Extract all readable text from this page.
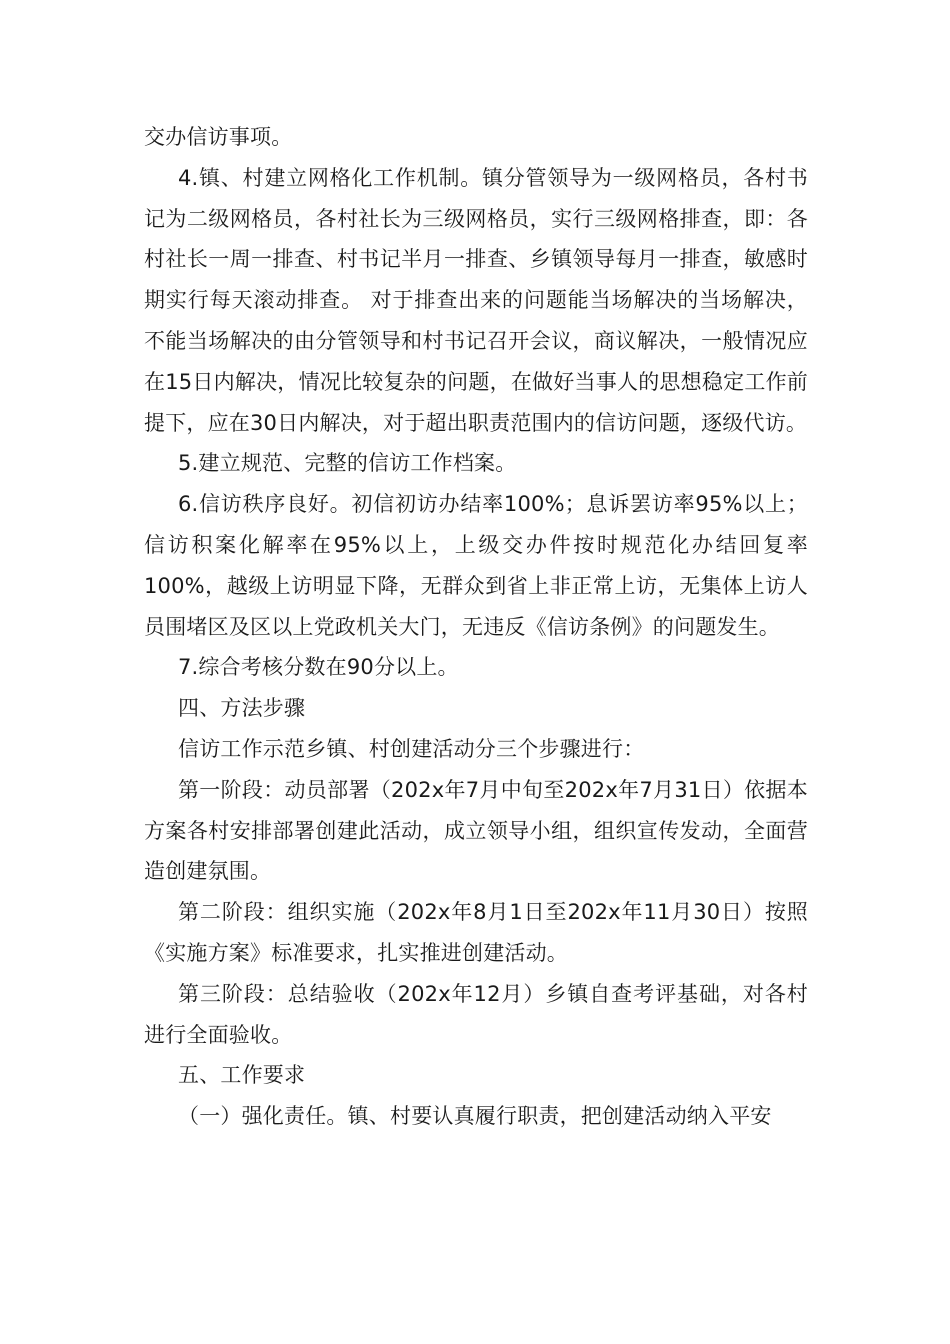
交办信访事项。

4.镇、村建立网格化工作机制。镇分管领导为一级网格员，各村书记为二级网格员，各村社长为三级网格员，实行三级网格排查，即：各村社长一周一排查、村书记半月一排查、乡镇领导每月一排查，敏感时期实行每天滚动排查。 对于排查出来的问题能当场解决的当场解决，不能当场解决的由分管领导和村书记召开会议，商议解决，一般情况应在15日内解决，情况比较复杂的问题，在做好当事人的思想稳定工作前提下，应在30日内解决，对于超出职责范围内的信访问题，逐级代访。

5.建立规范、完整的信访工作档案。

6.信访秩序良好。初信初访办结率100%；息诉罢访率95%以上；信访积案化解率在95%以上，上级交办件按时规范化办结回复率100%，越级上访明显下降，无群众到省上非正常上访，无集体上访人员围堵区及区以上党政机关大门，无违反《信访条例》的问题发生。

7.综合考核分数在90分以上。

四、方法步骤

信访工作示范乡镇、村创建活动分三个步骤进行：

第一阶段：动员部署（202x年7月中旬至202x年7月31日）依据本方案各村安排部署创建此活动，成立领导小组，组织宣传发动，全面营造创建氛围。

第二阶段：组织实施（202x年8月1日至202x年11月30日）按照《实施方案》标准要求，扎实推进创建活动。

第三阶段：总结验收（202x年12月）乡镇自查考评基础，对各村进行全面验收。

五、工作要求

（一）强化责任。镇、村要认真履行职责，把创建活动纳入平安
